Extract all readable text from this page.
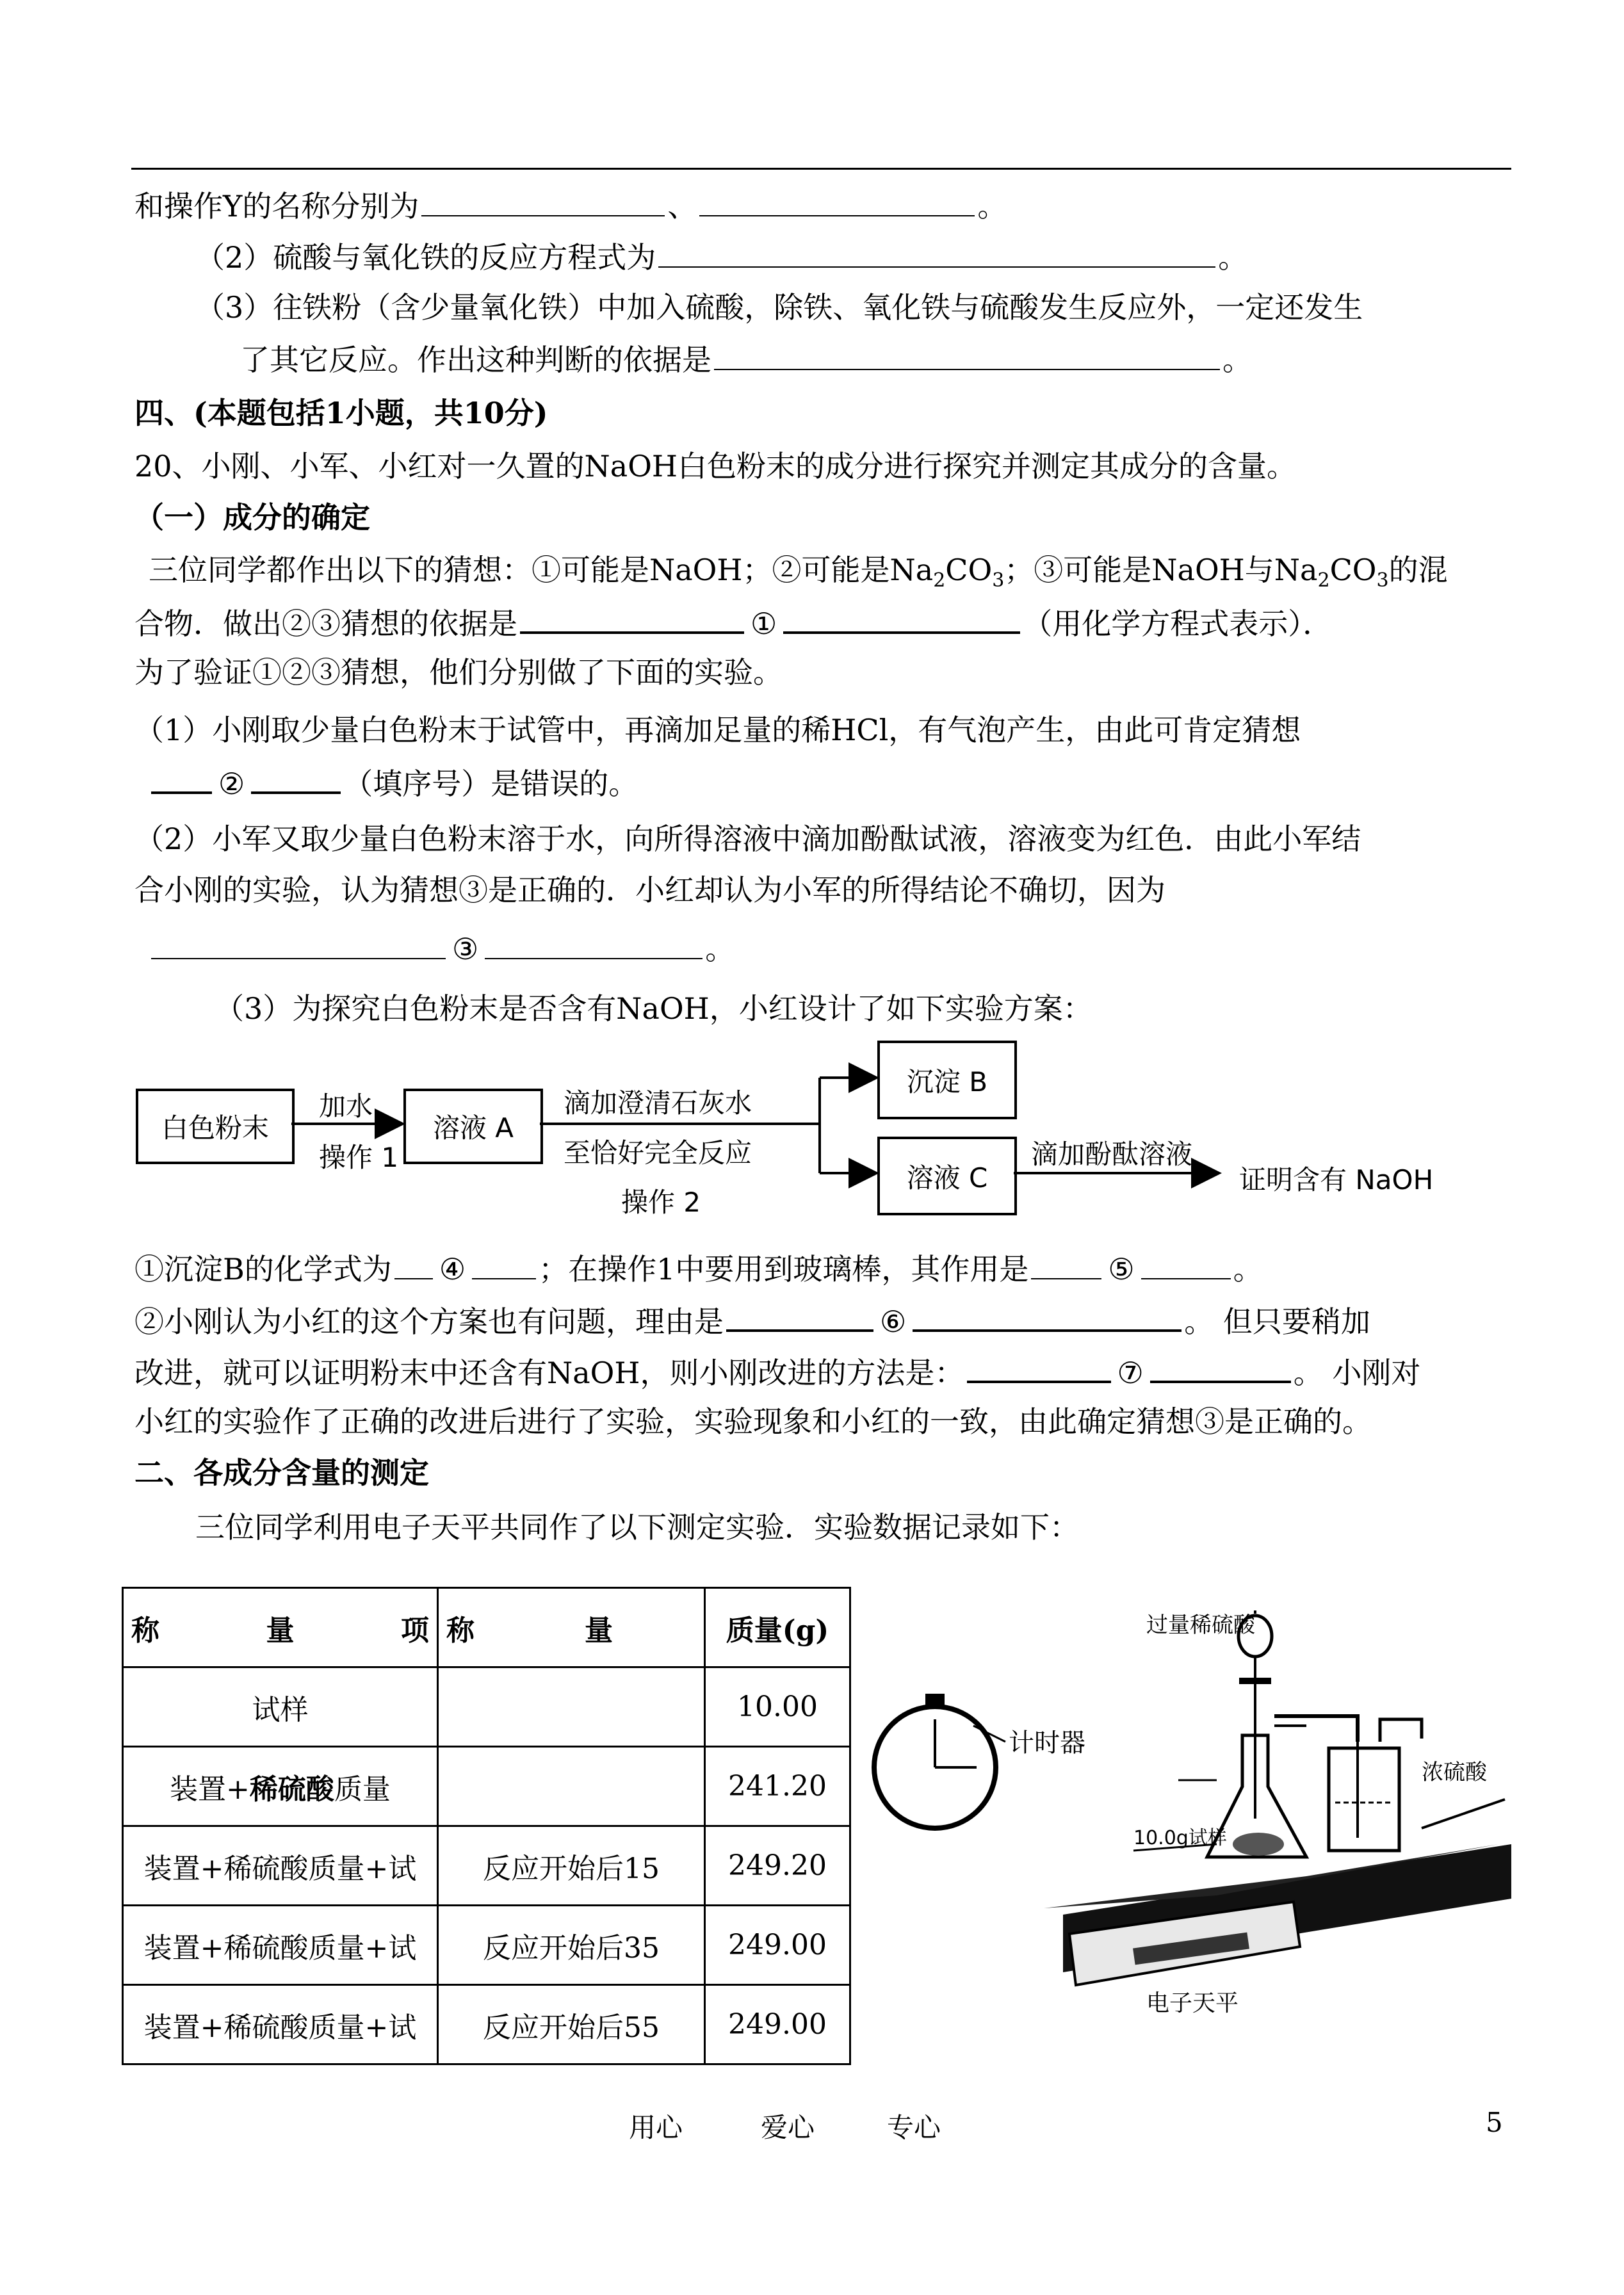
和操作Y的名称分别为	、	。
（2）硫酸与氧化铁的反应方程式为	。
（3）往铁粉（含少量氧化铁）中加入硫酸，除铁、氧化铁与硫酸发生反应外，一定还发生
了其它反应。作出这种判断的依据是	。
四、(本题包括1小题，共10分)
20、小刚、小军、小红对一久置的NaOH白色粉末的成分进行探究并测定其成分的含量。
（一）成分的确定
三位同学都作出以下的猜想：①可能是NaOH；②可能是$Na_2CO_3$；③可能是NaOH与$Na_2CO_3$的混
合物．做出②③猜想的依据是	①	（用化学方程式表示）．
为了验证①②③猜想，他们分别做了下面的实验。
（1）小刚取少量白色粉末于试管中，再滴加足量的稀HCl，有气泡产生，由此可肯定猜想
②	（填序号）是错误的。
（2）小军又取少量白色粉末溶于水，向所得溶液中滴加酚酞试液，溶液变为红色．由此小军结
合小刚的实验，认为猜想③是正确的．小红却认为小军的所得结论不确切，因为
③	。
（3）为探究白色粉末是否含有NaOH，小红设计了如下实验方案：
白色粉末
加水
操作 1
溶液 A
滴加澄清石灰水
至恰好完全反应
操作 2
沉淀 B
溶液 C
滴加酚酞溶液
证明含有 NaOH
①沉淀B的化学式为 ④ ；在操作1中要用到玻璃棒，其作用是	⑤	。
②小刚认为小红的这个方案也有问题，理由是	⑥	。 但只要稍加
改进，就可以证明粉末中还含有NaOH，则小刚改进的方法是：	⑦	。 小刚对
小红的实验作了正确的改进后进行了实验，实验现象和小红的一致，由此确定猜想③是正确的。
二、各成分含量的测定
三位同学利用电子天平共同作了以下测定实验．实验数据记录如下：
称 量 项	称 量	质量(g)
试样		10.00
装置+稀硫酸质量		241.20
装置+稀硫酸质量+试	反应开始后15	249.20
装置+稀硫酸质量+试	反应开始后35	249.00
装置+稀硫酸质量+试	反应开始后55	249.00
过量稀硫酸
计时器
浓硫酸
10.0g试样
电子天平
用心	爱心	专心	5
